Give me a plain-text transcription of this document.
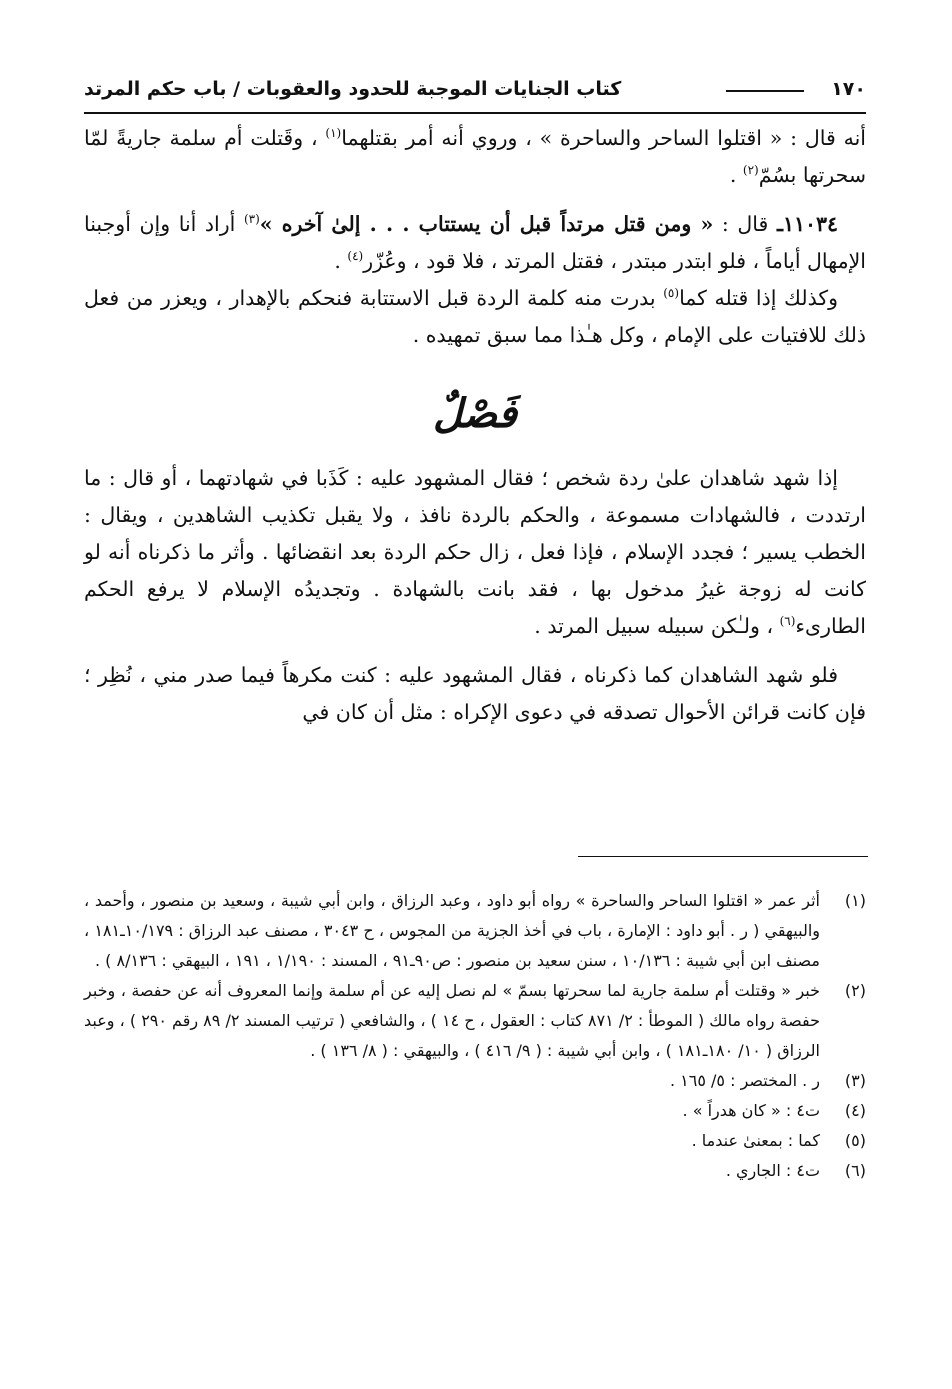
١٧٠
كتاب الجنايات الموجبة للحدود والعقوبات / باب حكم المرتد

أنه قال : « اقتلوا الساحر والساحرة » ، وروي أنه أمر بقتلهما$^{(١)}$ ، وقَتلت أم سلمة جاريةً لمّا سحرتها بسُمّ$^{(٢)}$ .

١١٠٣٤ـ قال : « ومن قتل مرتداً قبل أن يستتاب . . . إلىٰ آخره »$^{(٣)}$ أراد أنا وإن أوجبنا الإمهال أياماً ، فلو ابتدر مبتدر ، فقتل المرتد ، فلا قود ، وعُزّر$^{(٤)}$ .

وكذلك إذا قتله كما$^{(٥)}$ بدرت منه كلمة الردة قبل الاستتابة فنحكم بالإهدار ، ويعزر من فعل ذلك للافتيات على الإمام ، وكل هـٰذا مما سبق تمهيده .

فَصْلٌ

إذا شهد شاهدان علىٰ ردة شخص ؛ فقال المشهود عليه : كَذَبا في شهادتهما ، أو قال : ما ارتددت ، فالشهادات مسموعة ، والحكم بالردة نافذ ، ولا يقبل تكذيب الشاهدين ، ويقال : الخطب يسير ؛ فجدد الإسلام ، فإذا فعل ، زال حكم الردة بعد انقضائها . وأثر ما ذكرناه أنه لو كانت له زوجة غيرُ مدخول بها ، فقد بانت بالشهادة . وتجديدُه الإسلام لا يرفع الحكم الطارىء$^{(٦)}$ ، ولـٰكن سبيله سبيل المرتد .

فلو شهد الشاهدان كما ذكرناه ، فقال المشهود عليه : كنت مكرهاً فيما صدر مني ، نُظِر ؛ فإن كانت قرائن الأحوال تصدقه في دعوى الإكراه : مثل أن كان في

(١)
أثر عمر « اقتلوا الساحر والساحرة » رواه أبو داود ، وعبد الرزاق ، وابن أبي شيبة ، وسعيد بن منصور ، وأحمد ، والبيهقي ( ر . أبو داود : الإمارة ، باب في أخذ الجزية من المجوس ، ح ٣٠٤٣ ، مصنف عبد الرزاق : ١٠/١٧٩ـ١٨١ ، مصنف ابن أبي شيبة : ١٠/١٣٦ ، سنن سعيد بن منصور : ص٩٠ـ٩١ ، المسند : ١/١٩٠ ، ١٩١ ، البيهقي : ٨/١٣٦ ) .
(٢)
خبر « وقتلت أم سلمة جارية لما سحرتها بسمّ » لم نصل إليه عن أم سلمة وإنما المعروف أنه عن حفصة ، وخبر حفصة رواه مالك ( الموطأ : ٢/ ٨٧١ كتاب : العقول ، ح ١٤ ) ، والشافعي ( ترتيب المسند ٢/ ٨٩ رقم ٢٩٠ ) ، وعبد الرزاق ( ١٠/ ١٨٠ـ١٨١ ) ، وابن أبي شيبة : ( ٩/ ٤١٦ ) ، والبيهقي : ( ٨/ ١٣٦ ) .
(٣)
ر . المختصر : ٥/ ١٦٥ .
(٤)
ت٤ : « كان هدراً » .
(٥)
كما : بمعنىٰ عندما .
(٦)
ت٤ : الجاري .
